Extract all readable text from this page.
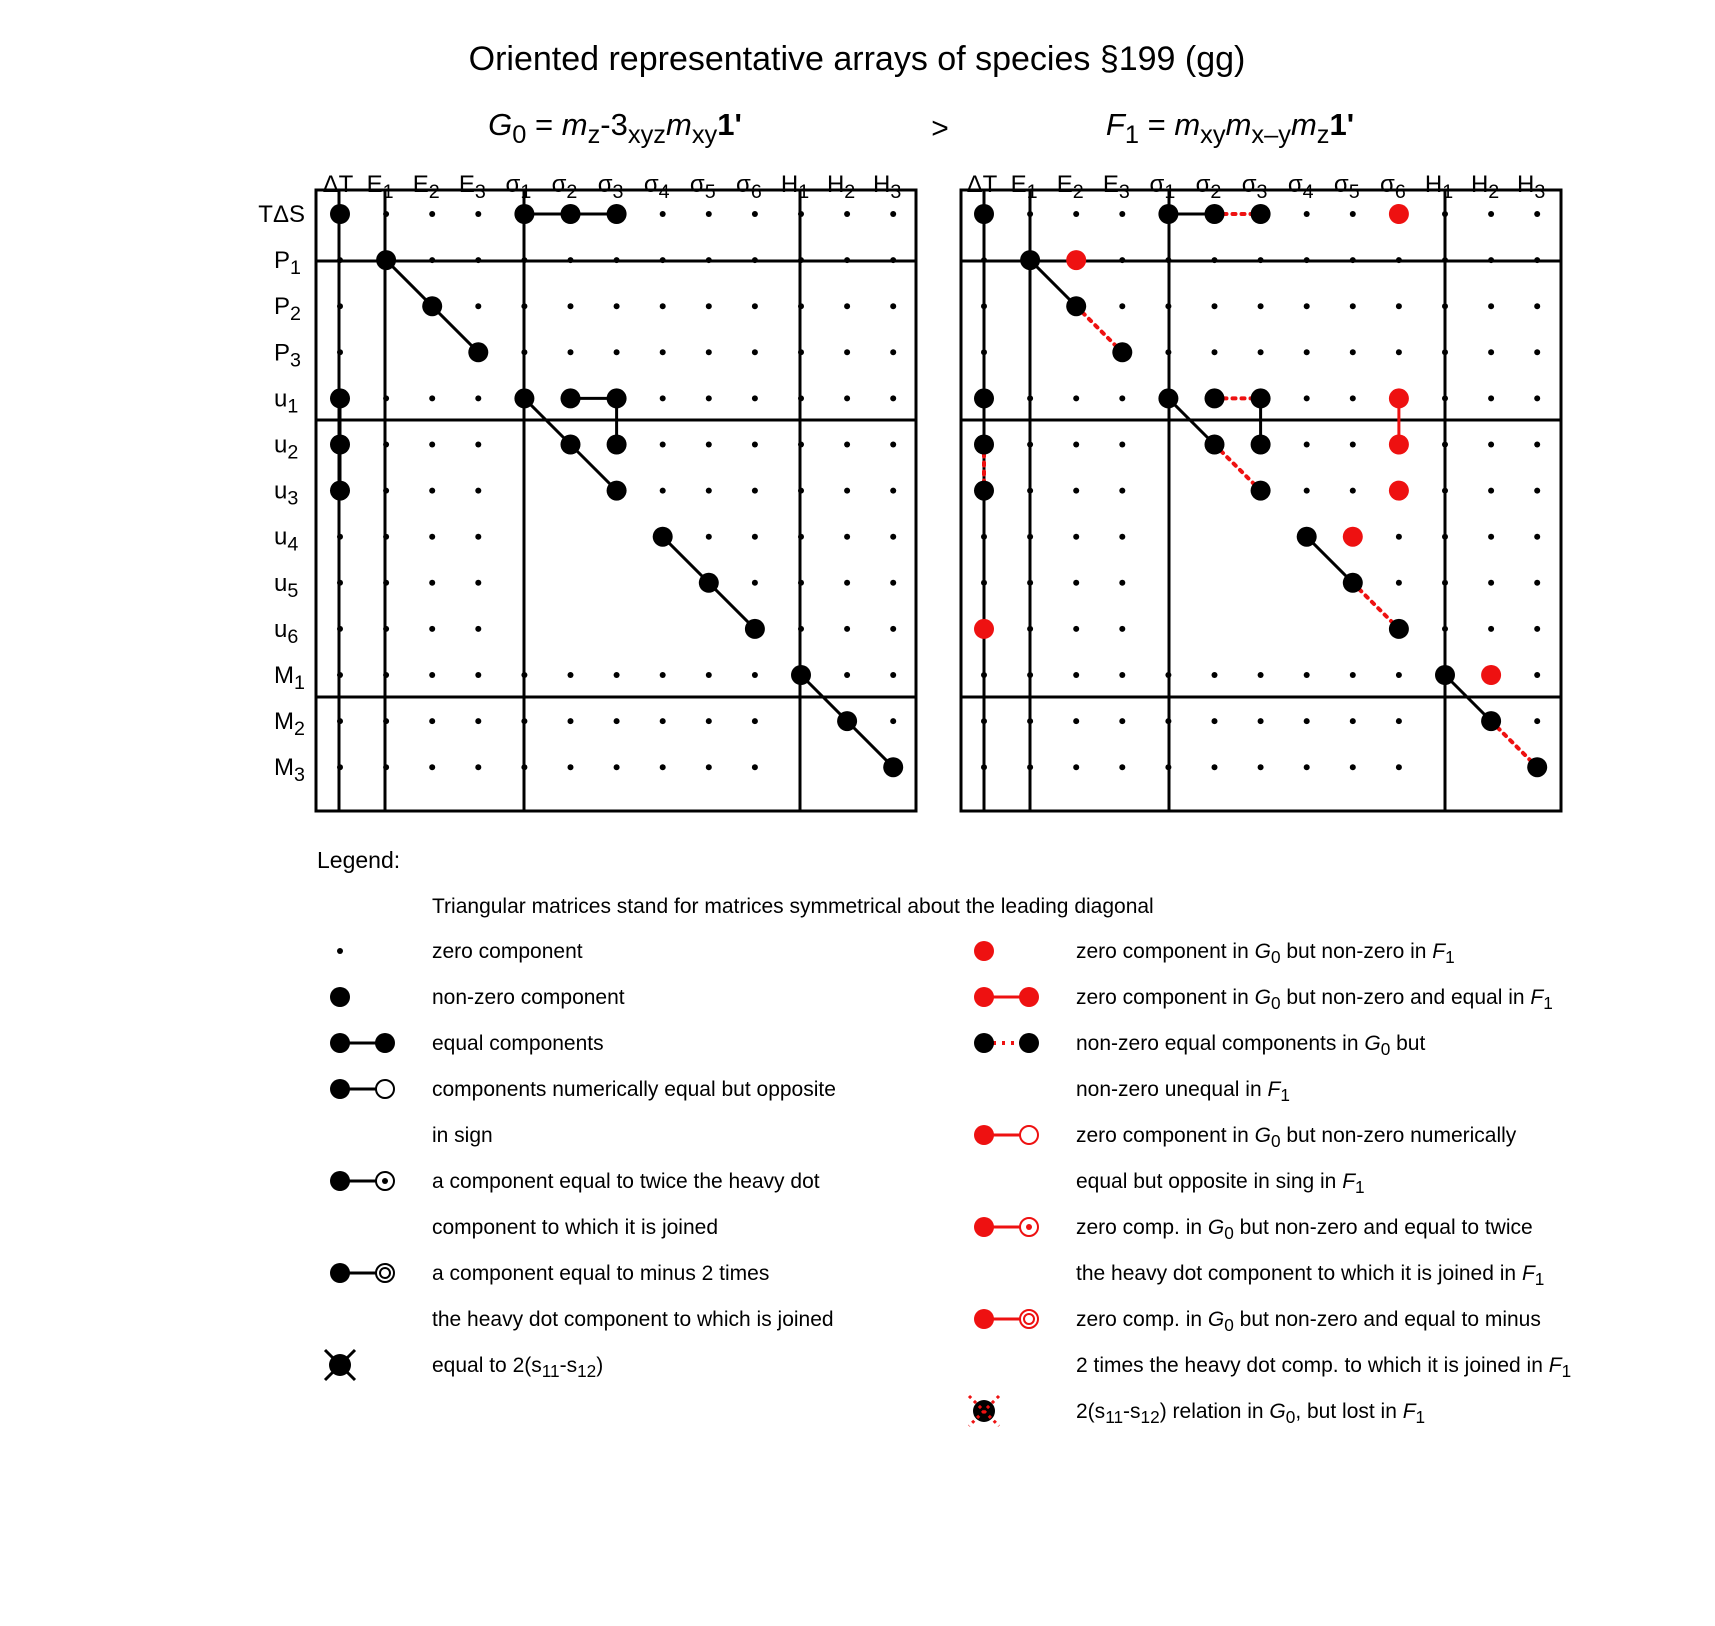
Oriented representative arrays of species §199 (gg)
>
Legend:
Triangular matrices stand for matrices symmetrical about the leading diagonal
G0 = mz-3xyzmxy1'
ΔT E1 E2 E3 σ1 σ2 σ3 σ4 σ5 σ6 H1 H2 H3
TΔS
P1
P2
P3
u1
u2
u3
u4
u5
u6
M1
M2
M3
F1 = mxymx–ymz1'
ΔT E1 E2 E3 σ1 σ2 σ3 σ4 σ5 σ6 H1 H2 H3
zero component
non-zero component
equal components
components numerically equal but opposite
in sign
a component equal to twice the heavy dot
component to which it is joined
a component equal to minus 2 times
the heavy dot component to which is joined
equal to 2(s11-s12)
zero component in G0 but non-zero in F1
zero component in G0 but non-zero and equal in F1
non-zero equal components in G0 but
non-zero unequal in F1
zero component in G0 but non-zero numerically
equal but opposite in sing in F1
zero comp. in G0 but non-zero and equal to twice
the heavy dot component to which it is joined in F1
zero comp. in G0 but non-zero and equal to minus
2 times the heavy dot comp. to which it is joined in F1
2(s11-s12) relation in G0, but lost in F1
